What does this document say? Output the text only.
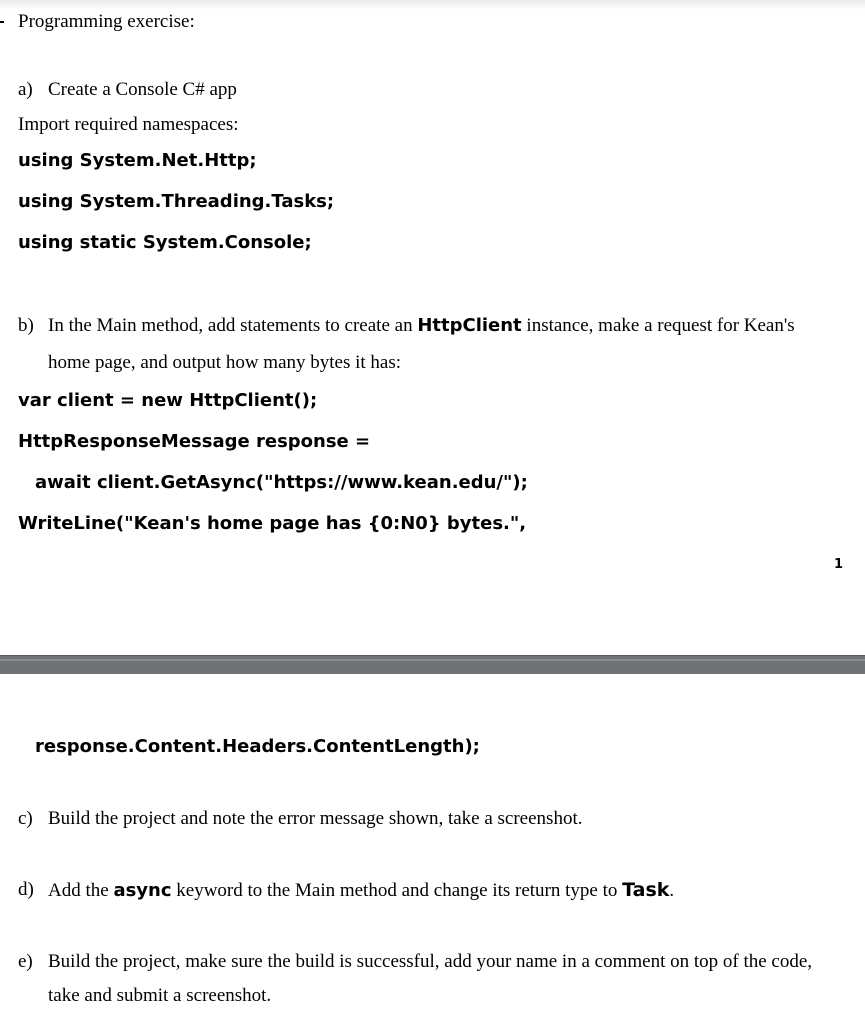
Programming exercise:
a) Create a Console C# app
Import required namespaces:
using System.Net.Http;
using System.Threading.Tasks;
using static System.Console;
b) In the Main method, add statements to create an HttpClient instance, make a request for Kean's
home page, and output how many bytes it has:
var client = new HttpClient();
HttpResponseMessage response =
await client.GetAsync("https://www.kean.edu/");
WriteLine("Kean's home page has {0:N0} bytes.",
1
response.Content.Headers.ContentLength);
c) Build the project and note the error message shown, take a screenshot.
d) Add the async keyword to the Main method and change its return type to Task.
e) Build the project, make sure the build is successful, add your name in a comment on top of the code,
take and submit a screenshot.
